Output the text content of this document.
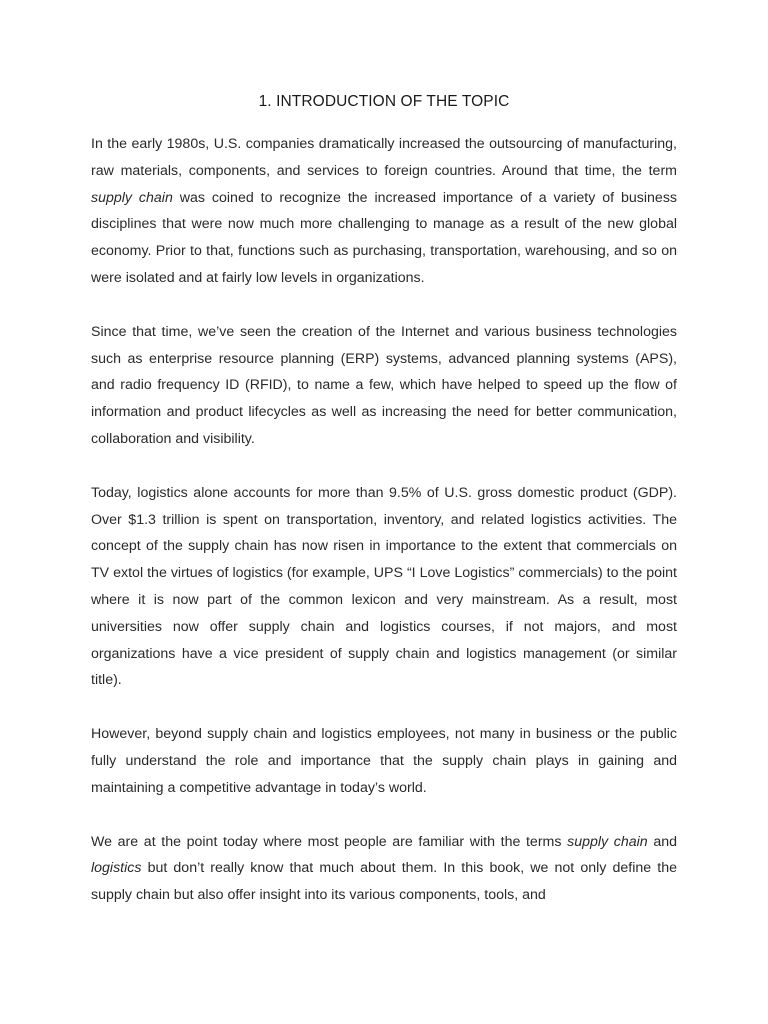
1. INTRODUCTION OF THE TOPIC

In the early 1980s, U.S. companies dramatically increased the outsourcing of manufacturing, raw materials, components, and services to foreign countries. Around that time, the term supply chain was coined to recognize the increased importance of a variety of business disciplines that were now much more challenging to manage as a result of the new global economy. Prior to that, functions such as purchasing, transportation, warehousing, and so on were isolated and at fairly low levels in organizations.

Since that time, we’ve seen the creation of the Internet and various business technologies such as enterprise resource planning (ERP) systems, advanced planning systems (APS), and radio frequency ID (RFID), to name a few, which have helped to speed up the flow of information and product lifecycles as well as increasing the need for better communication, collaboration and visibility.

Today, logistics alone accounts for more than 9.5% of U.S. gross domestic product (GDP). Over $1.3 trillion is spent on transportation, inventory, and related logistics activities. The concept of the supply chain has now risen in importance to the extent that commercials on TV extol the virtues of logistics (for example, UPS “I Love Logistics” commercials) to the point where it is now part of the common lexicon and very mainstream. As a result, most universities now offer supply chain and logistics courses, if not majors, and most organizations have a vice president of supply chain and logistics management (or similar title).

However, beyond supply chain and logistics employees, not many in business or the public fully understand the role and importance that the supply chain plays in gaining and maintaining a competitive advantage in today’s world.

We are at the point today where most people are familiar with the terms supply chain and logistics but don’t really know that much about them. In this book, we not only define the supply chain but also offer insight into its various components, tools, and
